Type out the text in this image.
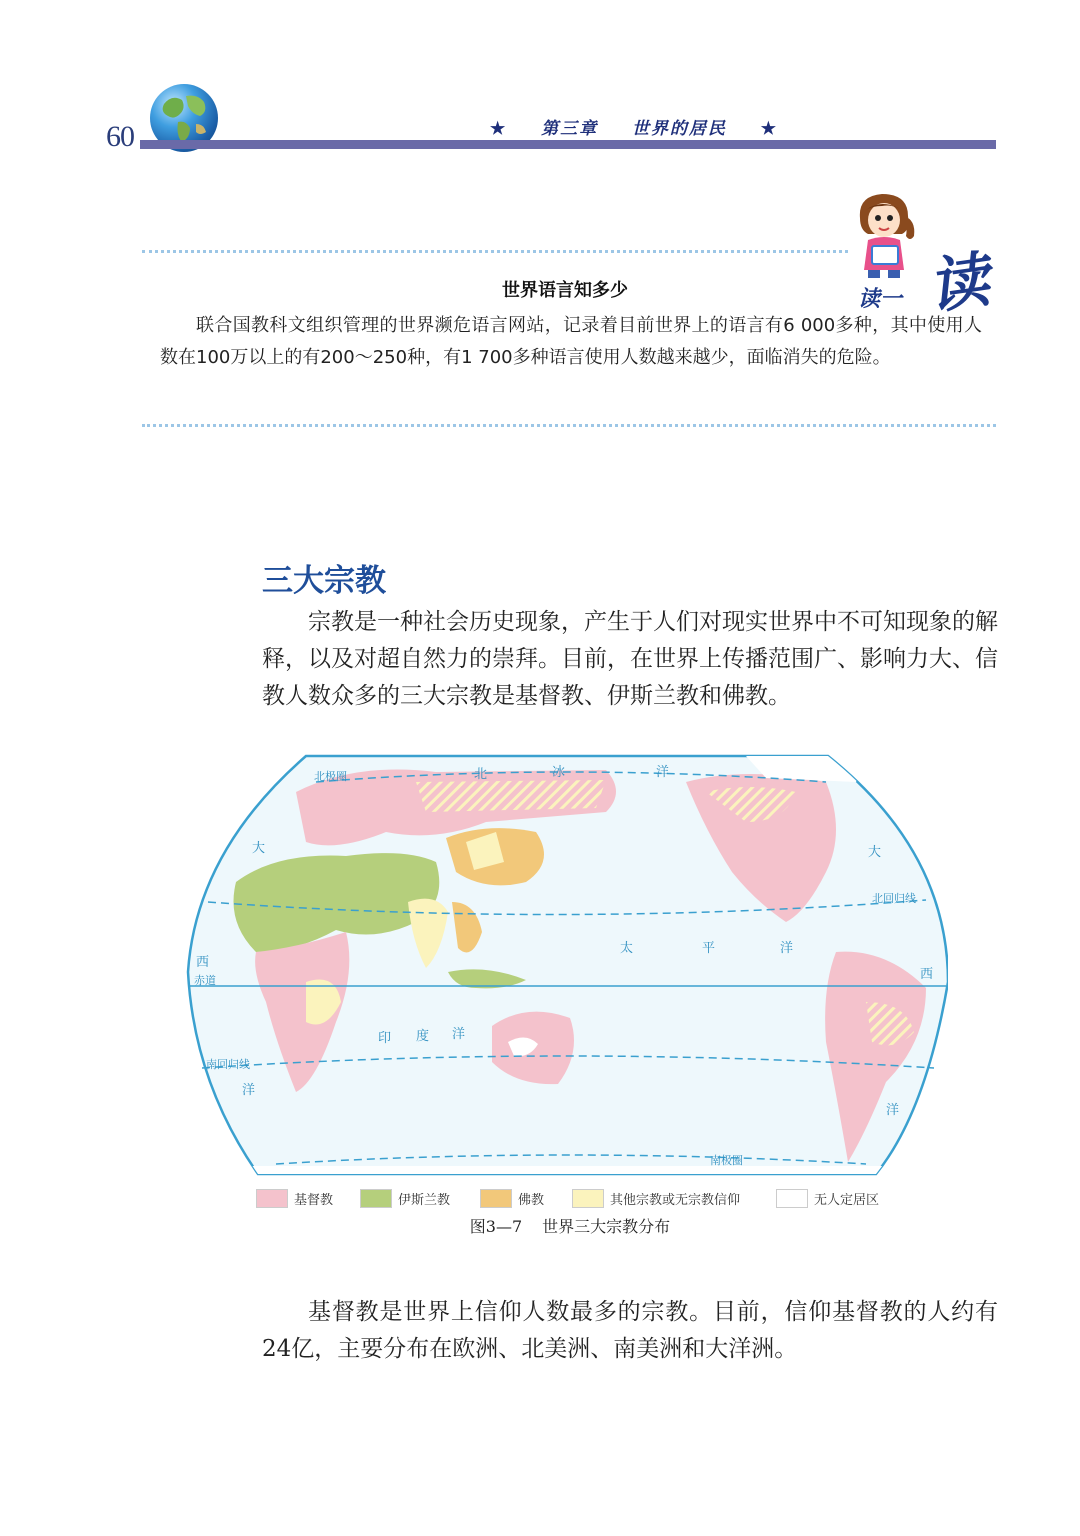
60	★ 第三章 世界的居民 ★
读一 读
世界语言知多少
联合国教科文组织管理的世界濒危语言网站，记录着目前世界上的语言有6 000多种，其中使用人数在100万以上的有200～250种，有1 700多种语言使用人数越来越少，面临消失的危险。
三大宗教
宗教是一种社会历史现象，产生于人们对现实世界中不可知现象的解释，以及对超自然力的崇拜。目前，在世界上传播范围广、影响力大、信教人数众多的三大宗教是基督教、伊斯兰教和佛教。
北极圈
北回归线
赤道
南回归线
南极圈
北	冰	洋
太	平	洋
印 度 洋
大
西
洋
大
西
洋
基督教	伊斯兰教	佛教	其他宗教或无宗教信仰	无人定居区
图3—7 世界三大宗教分布
基督教是世界上信仰人数最多的宗教。目前，信仰基督教的人约有24亿，主要分布在欧洲、北美洲、南美洲和大洋洲。
